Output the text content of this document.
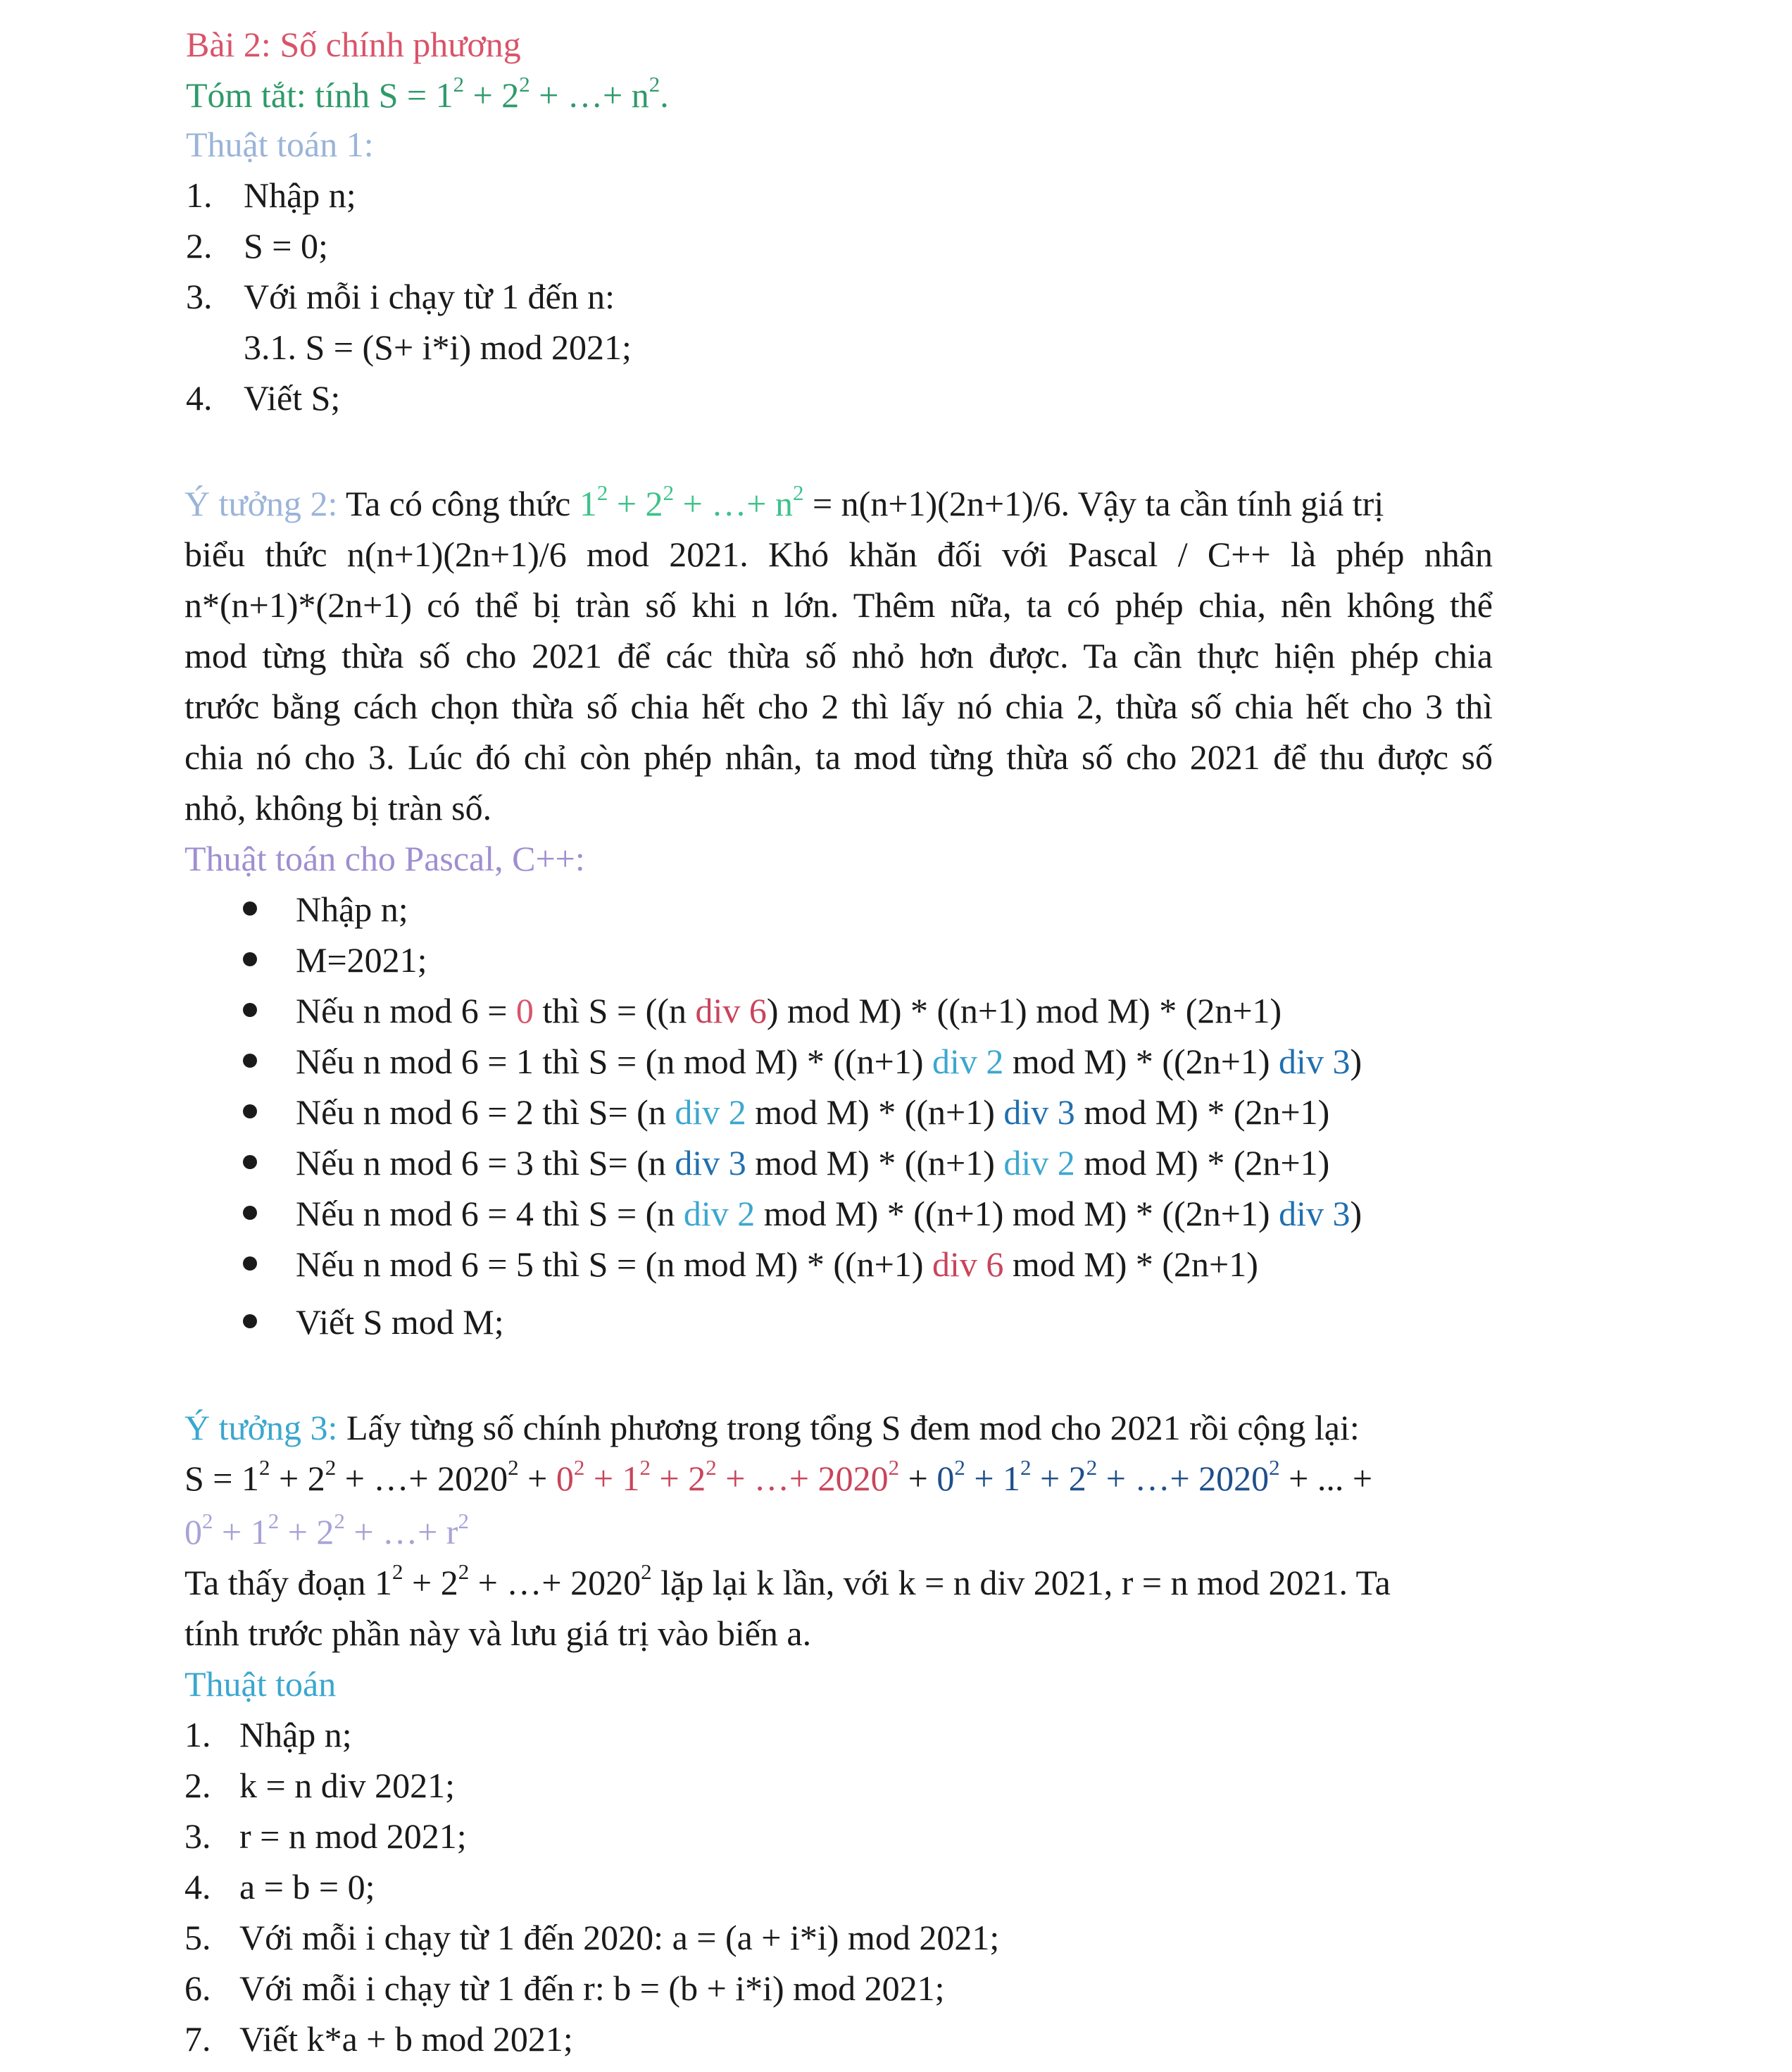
Bài 2: Số chính phương
Tóm tắt: tính $S = 1^2 + 2^2$ + …+ $n^2$.
Thuật toán 1:
1. Nhập n;
2. S = 0;
3. Với mỗi i chạy từ 1 đến n:
3.1. S = (S+ i*i) mod 2021;
4. Viết S;
Ý tưởng 2: Ta có công thức $1^2 + 2^2$ + …+ $n^2 = n(n+1)(2n+1)/6$. Vậy ta cần tính giá trị
biểu thức n(n+1)(2n+1)/6 mod 2021. Khó khăn đối với Pascal / C++ là phép nhân
n*(n+1)*(2n+1) có thể bị tràn số khi n lớn. Thêm nữa, ta có phép chia, nên không thể
mod từng thừa số cho 2021 để các thừa số nhỏ hơn được. Ta cần thực hiện phép chia
trước bằng cách chọn thừa số chia hết cho 2 thì lấy nó chia 2, thừa số chia hết cho 3 thì
chia nó cho 3. Lúc đó chỉ còn phép nhân, ta mod từng thừa số cho 2021 để thu được số
nhỏ, không bị tràn số.
Thuật toán cho Pascal, C++:
Nhập n;
M=2021;
Nếu n mod 6 = 0 thì S = ((n div 6) mod M) * ((n+1) mod M) * (2n+1)
Nếu n mod 6 = 1 thì S = (n mod M) * ((n+1) div 2 mod M) * ((2n+1) div 3)
Nếu n mod 6 = 2 thì S= (n div 2 mod M) * ((n+1) div 3 mod M) * (2n+1)
Nếu n mod 6 = 3 thì S= (n div 3 mod M) * ((n+1) div 2 mod M) * (2n+1)
Nếu n mod 6 = 4 thì S = (n div 2 mod M) * ((n+1) mod M) * ((2n+1) div 3)
Nếu n mod 6 = 5 thì S = (n mod M) * ((n+1) div 6 mod M) * (2n+1)
Viết S mod M;
Ý tưởng 3: Lấy từng số chính phương trong tổng S đem mod cho 2021 rồi cộng lại:
$S = 1^2 + 2^2$ + …+ $2020^2 + 0^2 + 1^2 + 2^2$ + …+ $2020^2 + 0^2 + 1^2 + 2^2$ + …+ $2020^2$ + ... +
$0^2 + 1^2 + 2^2$ + …+ $r^2$
Ta thấy đoạn $1^2 + 2^2$ + …+ $2020^2$ lặp lại k lần, với k = n div 2021, r = n mod 2021. Ta
tính trước phần này và lưu giá trị vào biến a.
Thuật toán
1. Nhập n;
2. k = n div 2021;
3. r = n mod 2021;
4. a = b = 0;
5. Với mỗi i chạy từ 1 đến 2020: a = (a + i*i) mod 2021;
6. Với mỗi i chạy từ 1 đến r: b = (b + i*i) mod 2021;
7. Viết k*a + b mod 2021;
